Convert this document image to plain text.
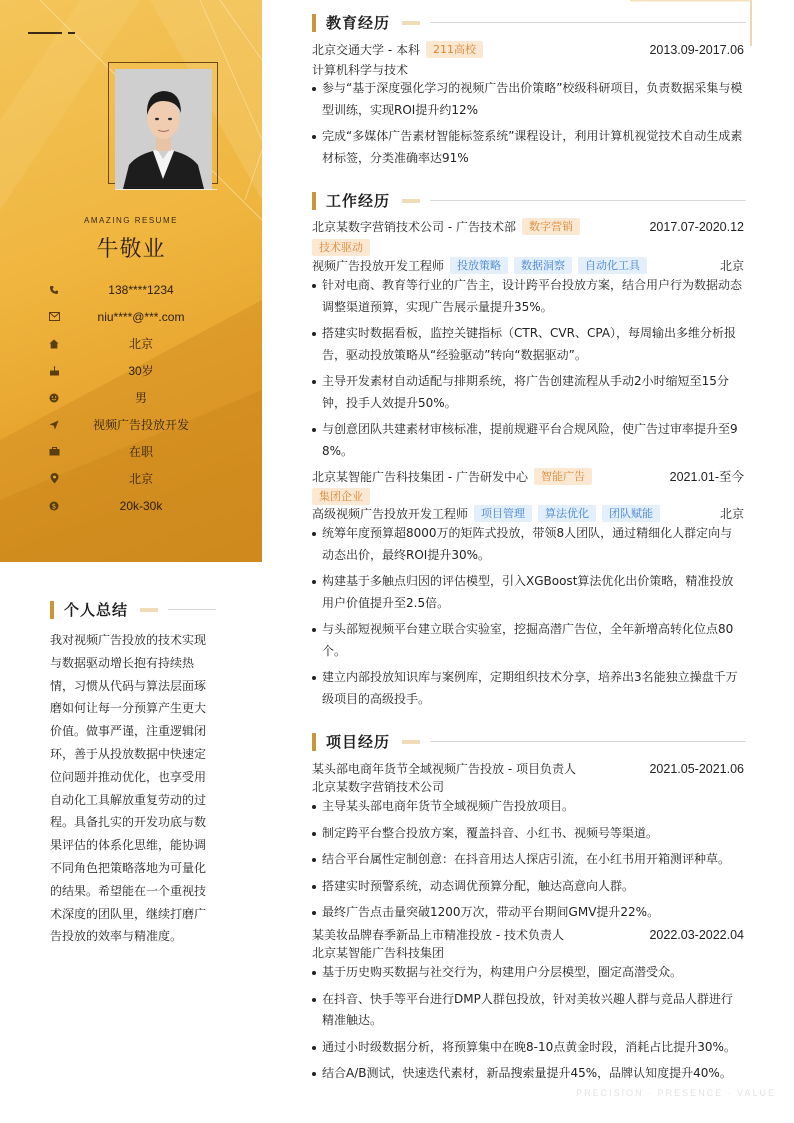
AMAZING RESUME
牛敬业
138****1234
niu****@***.com
北京
30岁
男
视频广告投放开发
在职
北京
$	20k-30k
个人总结
我对视频广告投放的技术实现与数据驱动增长抱有持续热情，习惯从代码与算法层面琢磨如何让每一分预算产生更大价值。做事严谨，注重逻辑闭环，善于从投放数据中快速定位问题并推动优化，也享受用自动化工具解放重复劳动的过程。具备扎实的开发功底与数果评估的体系化思维，能协调不同角色把策略落地为可量化的结果。希望能在一个重视技术深度的团队里，继续打磨广告投放的效率与精准度。
教育经历
北京交通大学 - 本科	211高校	2013.09-2017.06
计算机科学与技术
参与“基于深度强化学习的视频广告出价策略”校级科研项目，负责数据采集与模型训练，实现ROI提升约12%
完成“多媒体广告素材智能标签系统”课程设计，利用计算机视觉技术自动生成素材标签，分类准确率达91%
工作经历
北京某数字营销技术公司 - 广告技术部	数字营销	2017.07-2020.12
技术驱动
视频广告投放开发工程师	投放策略	数据洞察	自动化工具	北京
针对电商、教育等行业的广告主，设计跨平台投放方案，结合用户行为数据动态调整渠道预算，实现广告展示量提升35%。
搭建实时数据看板，监控关键指标（CTR、CVR、CPA），每周输出多维分析报告，驱动投放策略从“经验驱动”转向“数据驱动”。
主导开发素材自动适配与排期系统，将广告创建流程从手动2小时缩短至15分钟，投手人效提升50%。
与创意团队共建素材审核标准，提前规避平台合规风险，使广告过审率提升至98%。
北京某智能广告科技集团 - 广告研发中心	智能广告	2021.01-至今
集团企业
高级视频广告投放开发工程师	项目管理	算法优化	团队赋能	北京
统筹年度预算超8000万的矩阵式投放，带领8人团队，通过精细化人群定向与动态出价，最终ROI提升30%。
构建基于多触点归因的评估模型，引入XGBoost算法优化出价策略，精准投放用户价值提升至2.5倍。
与头部短视频平台建立联合实验室，挖掘高潜广告位，全年新增高转化位点80个。
建立内部投放知识库与案例库，定期组织技术分享，培养出3名能独立操盘千万级项目的高级投手。
项目经历
某头部电商年货节全域视频广告投放 - 项目负责人	2021.05-2021.06
北京某数字营销技术公司
主导某头部电商年货节全域视频广告投放项目。
制定跨平台整合投放方案，覆盖抖音、小红书、视频号等渠道。
结合平台属性定制创意：在抖音用达人探店引流，在小红书用开箱测评种草。
搭建实时预警系统，动态调优预算分配，触达高意向人群。
最终广告点击量突破1200万次，带动平台期间GMV提升22%。
某美妆品牌春季新品上市精准投放 - 技术负责人	2022.03-2022.04
北京某智能广告科技集团
基于历史购买数据与社交行为，构建用户分层模型，圈定高潜受众。
在抖音、快手等平台进行DMP人群包投放，针对美妆兴趣人群与竞品人群进行精准触达。
通过小时级数据分析，将预算集中在晚8-10点黄金时段，消耗占比提升30%。
结合A/B测试，快速迭代素材，新品搜索量提升45%，品牌认知度提升40%。
PRECISION · PRESENCE · VALUE
